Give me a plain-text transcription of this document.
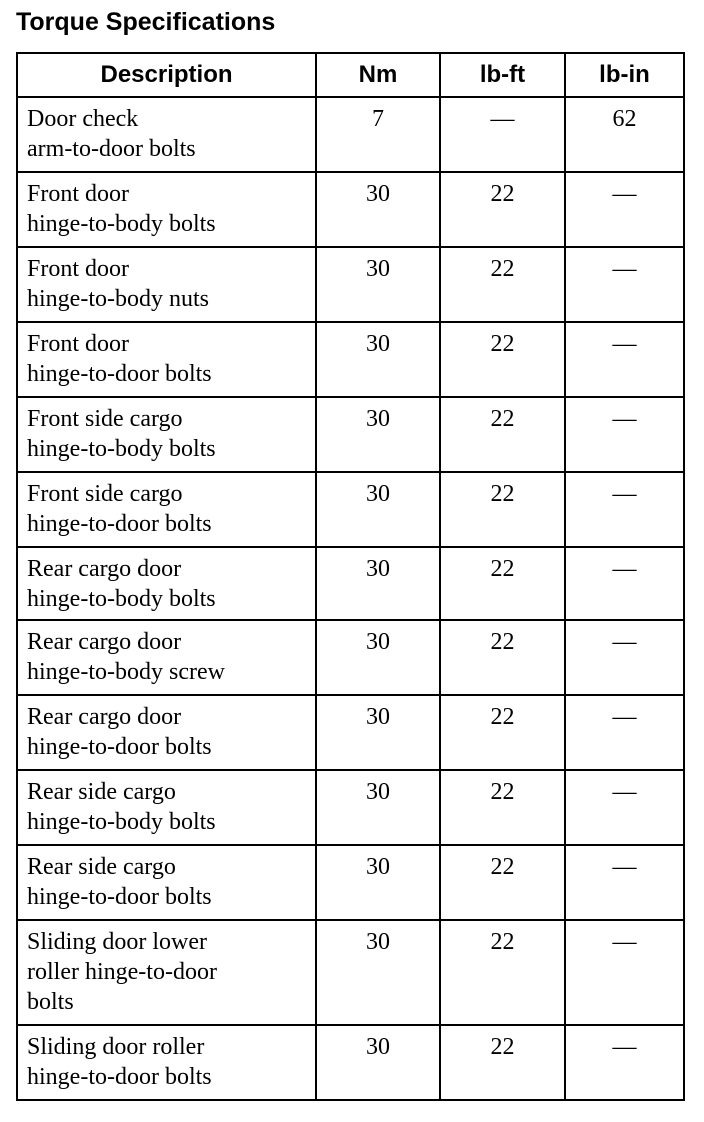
Torque Specifications
Description	Nm	lb-ft	lb-in

Door check
arm-to-door bolts	7	—	62

Front door
hinge-to-body bolts	30	22	—

Front door
hinge-to-body nuts	30	22	—

Front door
hinge-to-door bolts	30	22	—

Front side cargo
hinge-to-body bolts	30	22	—

Front side cargo
hinge-to-door bolts	30	22	—

Rear cargo door
hinge-to-body bolts	30	22	—

Rear cargo door
hinge-to-body screw	30	22	—

Rear cargo door
hinge-to-door bolts	30	22	—

Rear side cargo
hinge-to-body bolts	30	22	—

Rear side cargo
hinge-to-door bolts	30	22	—

Sliding door lower
roller hinge-to-door
bolts	30	22	—

Sliding door roller
hinge-to-door bolts	30	22	—
